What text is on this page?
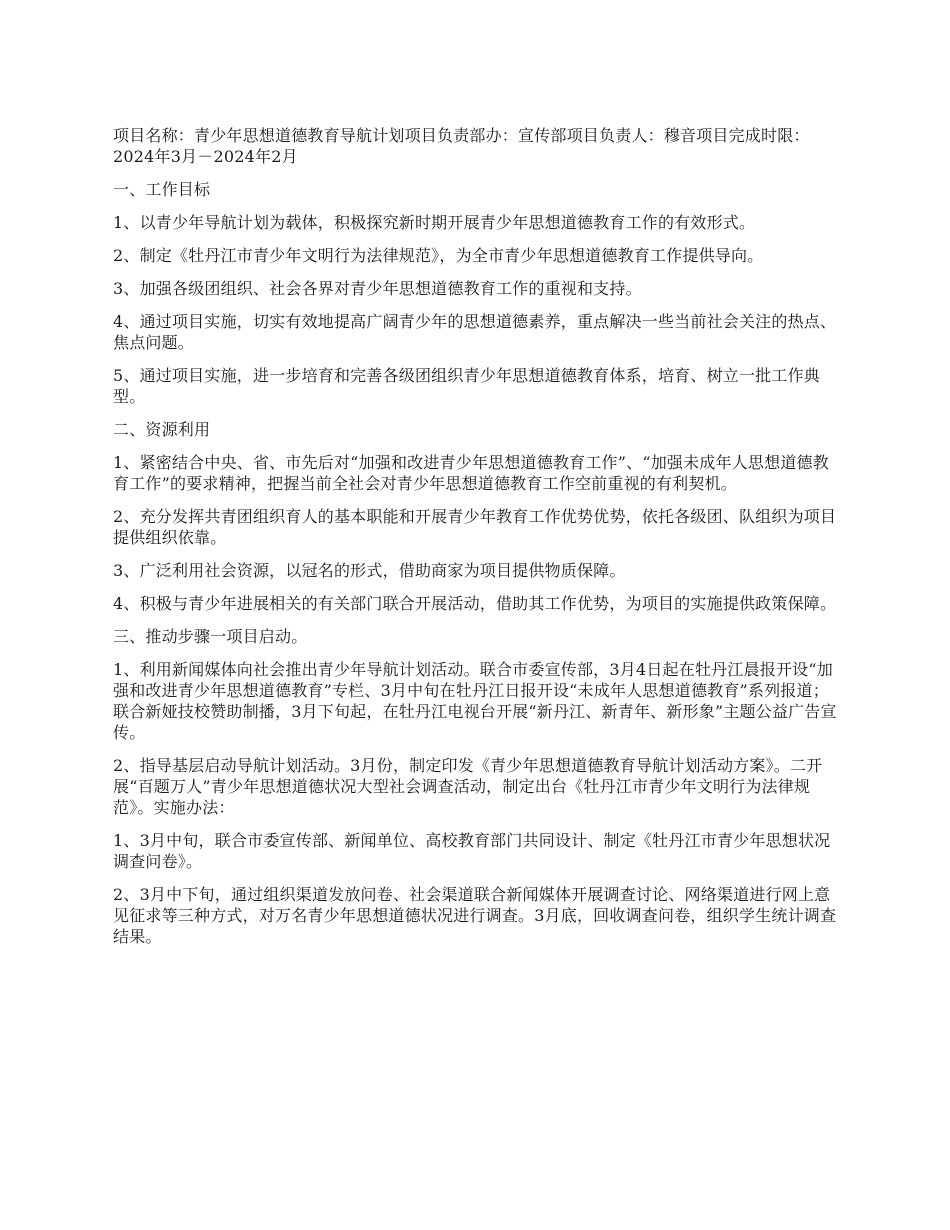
项目名称：青少年思想道德教育导航计划项目负责部办：宣传部项目负责人：穆音项目完成时限：2024年3月－2024年2月

一、工作目标

1、以青少年导航计划为载体，积极探究新时期开展青少年思想道德教育工作的有效形式。

2、制定《牡丹江市青少年文明行为法律规范》，为全市青少年思想道德教育工作提供导向。

3、加强各级团组织、社会各界对青少年思想道德教育工作的重视和支持。

4、通过项目实施，切实有效地提高广阔青少年的思想道德素养，重点解决一些当前社会关注的热点、焦点问题。

5、通过项目实施，进一步培育和完善各级团组织青少年思想道德教育体系，培育、树立一批工作典型。

二、资源利用

1、紧密结合中央、省、市先后对“加强和改进青少年思想道德教育工作”、“加强未成年人思想道德教育工作”的要求精神，把握当前全社会对青少年思想道德教育工作空前重视的有利契机。

2、充分发挥共青团组织育人的基本职能和开展青少年教育工作优势优势，依托各级团、队组织为项目提供组织依靠。

3、广泛利用社会资源，以冠名的形式，借助商家为项目提供物质保障。

4、积极与青少年进展相关的有关部门联合开展活动，借助其工作优势，为项目的实施提供政策保障。

三、推动步骤一项目启动。

1、利用新闻媒体向社会推出青少年导航计划活动。联合市委宣传部，3月4日起在牡丹江晨报开设“加强和改进青少年思想道德教育”专栏、3月中旬在牡丹江日报开设“未成年人思想道德教育”系列报道；联合新娅技校赞助制播，3月下旬起，在牡丹江电视台开展“新丹江、新青年、新形象”主题公益广告宣传。

2、指导基层启动导航计划活动。3月份，制定印发《青少年思想道德教育导航计划活动方案》。二开展“百题万人”青少年思想道德状况大型社会调查活动，制定出台《牡丹江市青少年文明行为法律规范》。实施办法：

1、3月中旬，联合市委宣传部、新闻单位、高校教育部门共同设计、制定《牡丹江市青少年思想状况调查问卷》。

2、3月中下旬，通过组织渠道发放问卷、社会渠道联合新闻媒体开展调查讨论、网络渠道进行网上意见征求等三种方式，对万名青少年思想道德状况进行调查。3月底，回收调查问卷，组织学生统计调查结果。
